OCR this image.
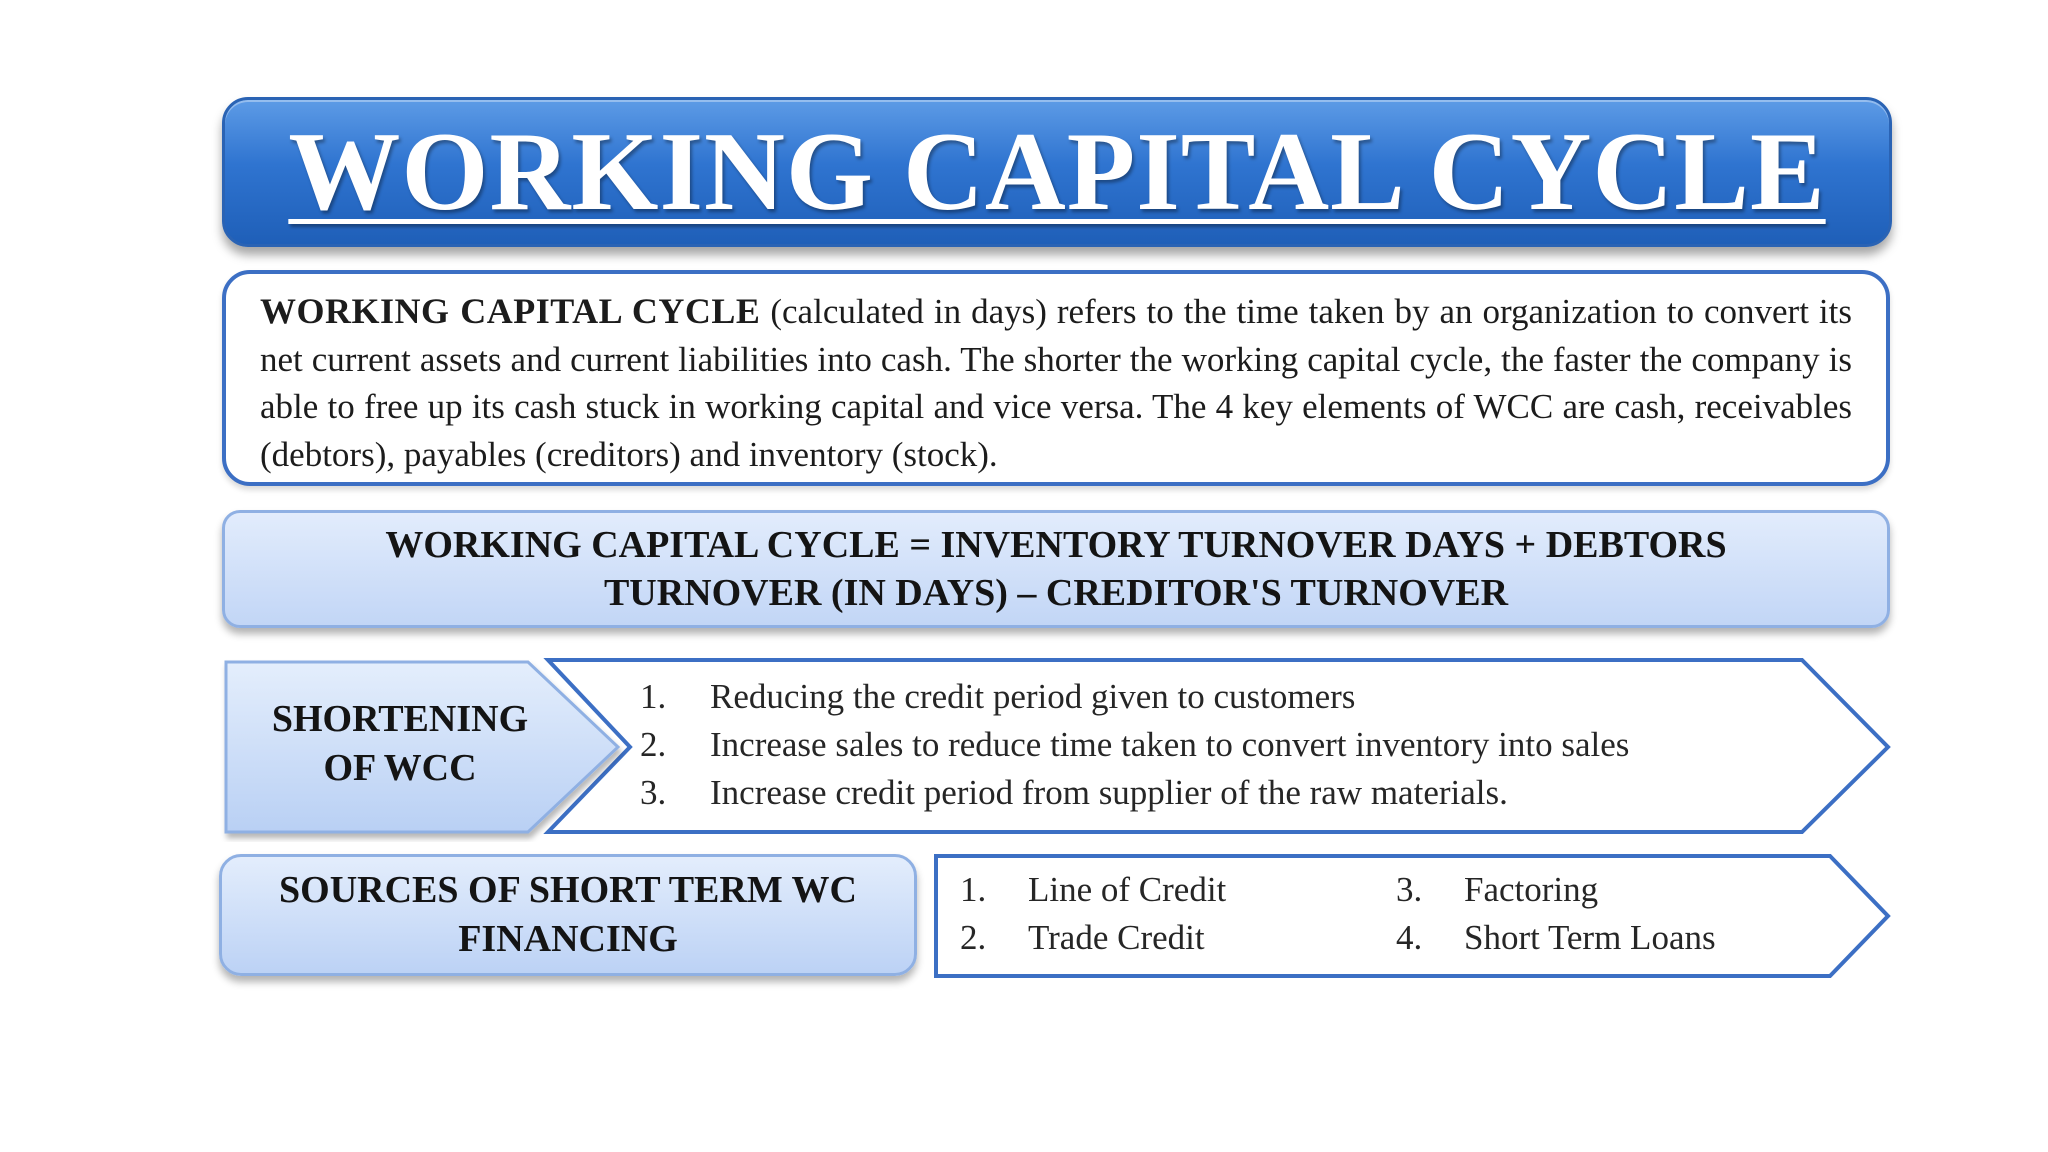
WORKING CAPITAL CYCLE
WORKING CAPITAL CYCLE (calculated in days) refers to the time taken by an organization to convert its net current assets and current liabilities into cash. The shorter the working capital cycle, the faster the company is able to free up its cash stuck in working capital and vice versa. The 4 key elements of WCC are cash, receivables (debtors), payables (creditors) and inventory (stock).
WORKING CAPITAL CYCLE = INVENTORY TURNOVER DAYS + DEBTORS
TURNOVER (IN DAYS) – CREDITOR'S TURNOVER
SHORTENING
OF WCC
1.	Reducing the credit period given to customers
2.	Increase sales to reduce time taken to convert inventory into sales
3.	Increase credit period from supplier of the raw materials.
SOURCES OF SHORT TERM WC
FINANCING
1. Line of Credit
2. Trade Credit
3. Factoring
4. Short Term Loans
